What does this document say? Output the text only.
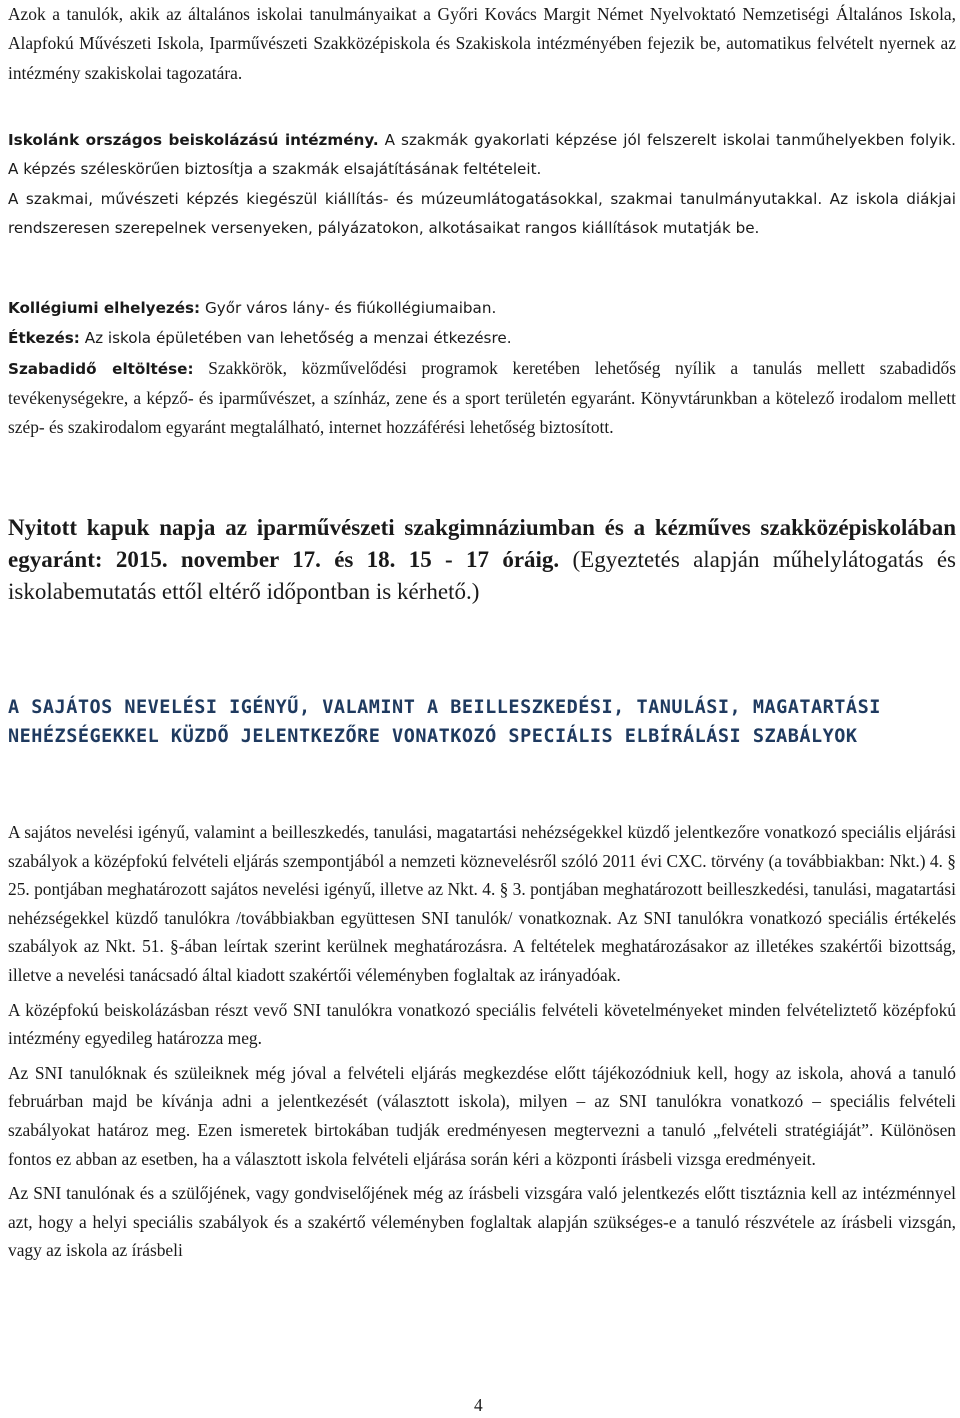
Azok a tanulók, akik az általános iskolai tanulmányaikat a Győri Kovács Margit Német Nyelvoktató Nemzetiségi Általános Iskola, Alapfokú Művészeti Iskola, Iparművészeti Szakközépiskola és Szakiskola intézményében fejezik be, automatikus felvételt nyernek az intézmény szakiskolai tagozatára.

Iskolánk országos beiskolázású intézmény. A szakmák gyakorlati képzése jól felszerelt iskolai tanműhelyekben folyik. A képzés széleskörűen biztosítja a szakmák elsajátításának feltételeit.

A szakmai, művészeti képzés kiegészül kiállítás- és múzeumlátogatásokkal, szakmai tanulmányutakkal. Az iskola diákjai rendszeresen szerepelnek versenyeken, pályázatokon, alkotásaikat rangos kiállítások mutatják be.

Kollégiumi elhelyezés: Győr város lány- és fiúkollégiumaiban.

Étkezés: Az iskola épületében van lehetőség a menzai étkezésre.

Szabadidő eltöltése: Szakkörök, közművelődési programok keretében lehetőség nyílik a tanulás mellett szabadidős tevékenységekre, a képző- és iparművészet, a színház, zene és a sport területén egyaránt. Könyvtárunkban a kötelező irodalom mellett szép- és szakirodalom egyaránt megtalálható, internet hozzáférési lehetőség biztosított.

Nyitott kapuk napja az iparművészeti szakgimnáziumban és a kézműves szakközépiskolában egyaránt: 2015. november 17. és 18. 15 - 17 óráig. (Egyeztetés alapján műhelylátogatás és iskolabemutatás ettől eltérő időpontban is kérhető.)

A SAJÁTOS NEVELÉSI IGÉNYŰ, VALAMINT A BEILLESZKEDÉSI, TANULÁSI, MAGATARTÁSI NEHÉZSÉGEKKEL KÜZDŐ JELENTKEZŐRE VONATKOZÓ SPECIÁLIS ELBÍRÁLÁSI SZABÁLYOK

A sajátos nevelési igényű, valamint a beilleszkedés, tanulási, magatartási nehézségekkel küzdő jelentkezőre vonatkozó speciális eljárási szabályok a középfokú felvételi eljárás szempontjából a nemzeti köznevelésről szóló 2011 évi CXC. törvény (a továbbiakban: Nkt.) 4. § 25. pontjában meghatározott sajátos nevelési igényű, illetve az Nkt. 4. § 3. pontjában meghatározott beilleszkedési, tanulási, magatartási nehézségekkel küzdő tanulókra /továbbiakban együttesen SNI tanulók/ vonatkoznak. Az SNI tanulókra vonatkozó speciális értékelés szabályok az Nkt. 51. §-ában leírtak szerint kerülnek meghatározásra. A feltételek meghatározásakor az illetékes szakértői bizottság, illetve a nevelési tanácsadó által kiadott szakértői véleményben foglaltak az irányadóak.

A középfokú beiskolázásban részt vevő SNI tanulókra vonatkozó speciális felvételi követelményeket minden felvételiztető középfokú intézmény egyedileg határozza meg.

Az SNI tanulóknak és szüleiknek még jóval a felvételi eljárás megkezdése előtt tájékozódniuk kell, hogy az iskola, ahová a tanuló februárban majd be kívánja adni a jelentkezését (választott iskola), milyen – az SNI tanulókra vonatkozó – speciális felvételi szabályokat határoz meg. Ezen ismeretek birtokában tudják eredményesen megtervezni a tanuló „felvételi stratégiáját”. Különösen fontos ez abban az esetben, ha a választott iskola felvételi eljárása során kéri a központi írásbeli vizsga eredményeit.

Az SNI tanulónak és a szülőjének, vagy gondviselőjének még az írásbeli vizsgára való jelentkezés előtt tisztáznia kell az intézménnyel azt, hogy a helyi speciális szabályok és a szakértő véleményben foglaltak alapján szükséges-e a tanuló részvétele az írásbeli vizsgán, vagy az iskola az írásbeli

4
